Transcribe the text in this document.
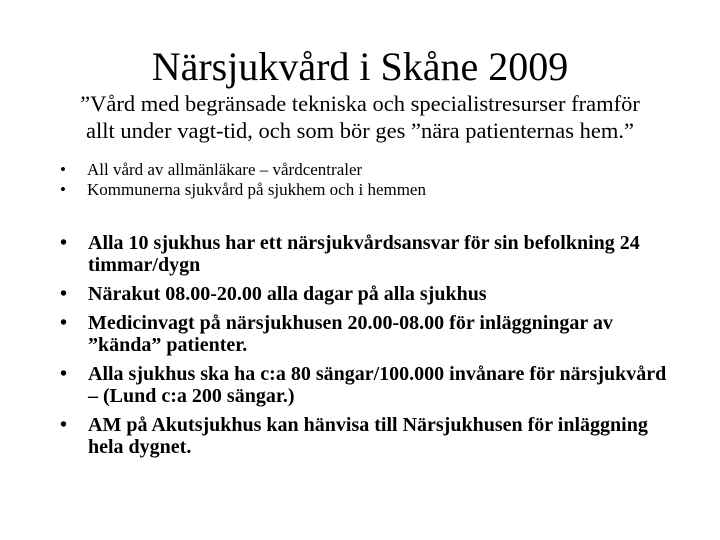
Närsjukvård i Skåne 2009

”Vård med begränsade tekniska och specialistresurser framför
allt under vagt-tid, och som bör ges ”nära patienternas hem.”

• All vård av allmänläkare – vårdcentraler
• Kommunerna sjukvård på sjukhem och i hemmen
• Alla 10 sjukhus har ett närsjukvårdsansvar för sin befolkning 24 timmar/dygn
• Närakut 08.00-20.00 alla dagar på alla sjukhus
• Medicinvagt på närsjukhusen 20.00-08.00 för inläggningar av ”kända” patienter.
• Alla sjukhus ska ha c:a 80 sängar/100.000 invånare för närsjukvård – (Lund c:a 200 sängar.)
• AM på Akutsjukhus kan hänvisa till Närsjukhusen för inläggning hela dygnet.
